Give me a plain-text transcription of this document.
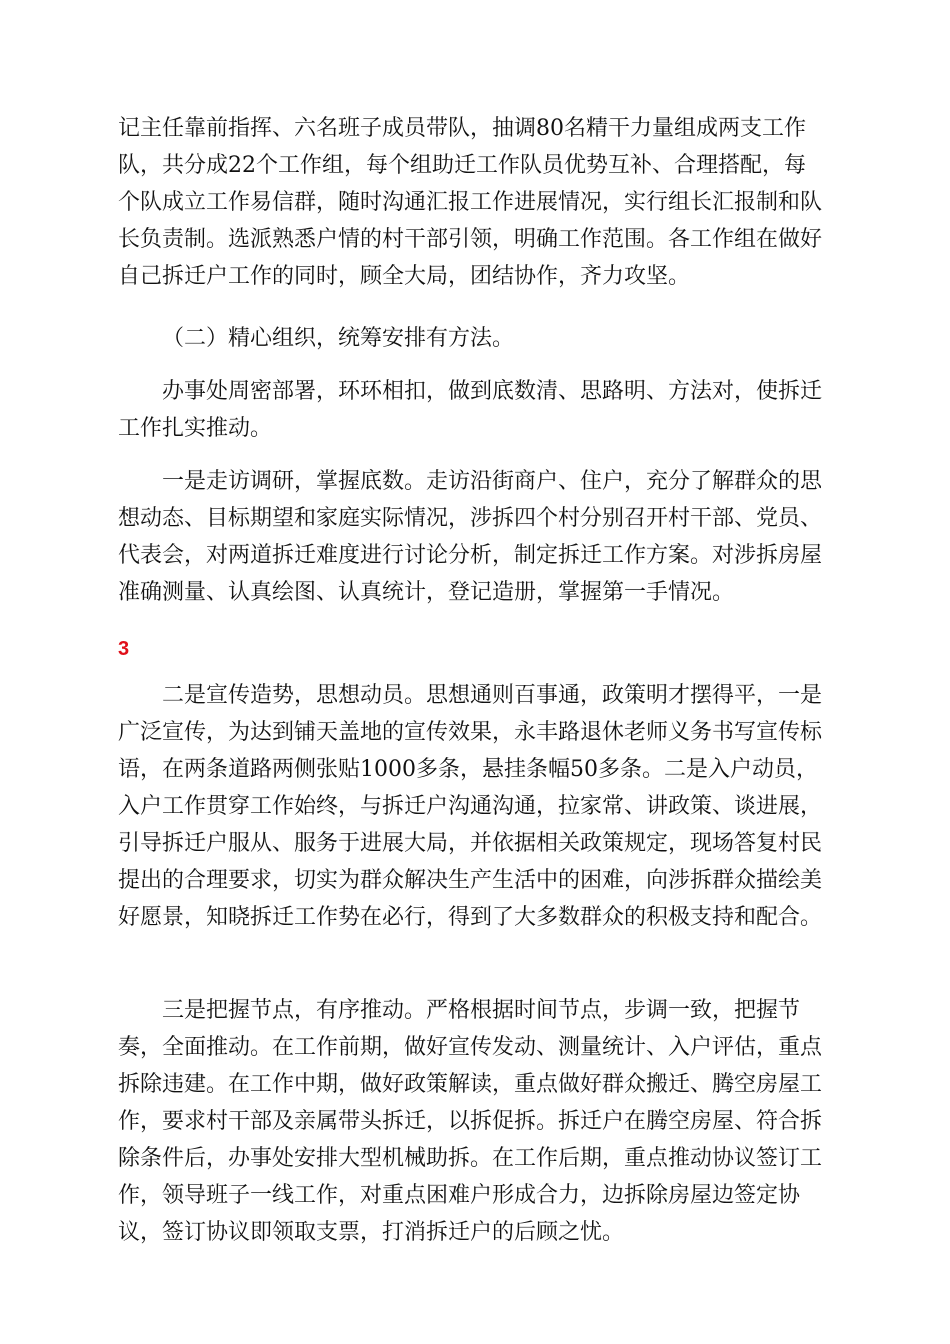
记主任靠前指挥、六名班子成员带队，抽调80名精干力量组成两支工作
队，共分成22个工作组，每个组助迁工作队员优势互补、合理搭配，每
个队成立工作易信群，随时沟通汇报工作进展情况，实行组长汇报制和队
长负责制。选派熟悉户情的村干部引领，明确工作范围。各工作组在做好
自己拆迁户工作的同时，顾全大局，团结协作，齐力攻坚。
（二）精心组织，统筹安排有方法。
办事处周密部署，环环相扣，做到底数清、思路明、方法对，使拆迁
工作扎实推动。
一是走访调研，掌握底数。走访沿街商户、住户，充分了解群众的思
想动态、目标期望和家庭实际情况，涉拆四个村分别召开村干部、党员、
代表会，对两道拆迁难度进行讨论分析，制定拆迁工作方案。对涉拆房屋
准确测量、认真绘图、认真统计，登记造册，掌握第一手情况。
3
二是宣传造势，思想动员。思想通则百事通，政策明才摆得平，一是
广泛宣传，为达到铺天盖地的宣传效果，永丰路退休老师义务书写宣传标
语，在两条道路两侧张贴1000多条，悬挂条幅50多条。二是入户动员，
入户工作贯穿工作始终，与拆迁户沟通沟通，拉家常、讲政策、谈进展，
引导拆迁户服从、服务于进展大局，并依据相关政策规定，现场答复村民
提出的合理要求，切实为群众解决生产生活中的困难，向涉拆群众描绘美
好愿景，知晓拆迁工作势在必行，得到了大多数群众的积极支持和配合。
三是把握节点，有序推动。严格根据时间节点，步调一致，把握节
奏，全面推动。在工作前期，做好宣传发动、测量统计、入户评估，重点
拆除违建。在工作中期，做好政策解读，重点做好群众搬迁、腾空房屋工
作，要求村干部及亲属带头拆迁，以拆促拆。拆迁户在腾空房屋、符合拆
除条件后，办事处安排大型机械助拆。在工作后期，重点推动协议签订工
作，领导班子一线工作，对重点困难户形成合力，边拆除房屋边签定协
议，签订协议即领取支票，打消拆迁户的后顾之忧。
